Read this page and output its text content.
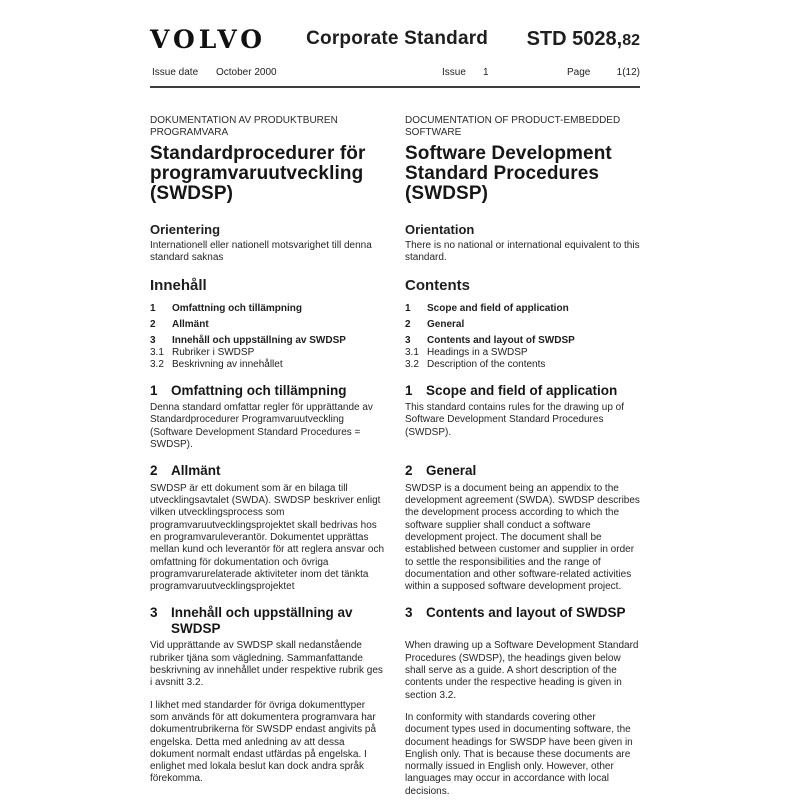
VOLVO Corporate Standard STD 5028,82
Issue date October 2000	Issue 1	Page	1(12)
DOKUMENTATION AV PRODUKTBUREN PROGRAMVARA
DOCUMENTATION OF PRODUCT-EMBEDDED SOFTWARE
Standardprocedurer för programvaruutveckling (SWDSP)
Software Development Standard Procedures (SWDSP)
Orientering	Orientation
Internationell eller nationell motsvarighet till denna standard saknas
There is no national or international equivalent to this standard.
Innehåll	Contents
1	Omfattning och tillämpning
2	Allmänt
3	Innehåll och uppställning av SWDSP
3.1 Rubriker i SWDSP
3.2 Beskrivning av innehållet
1	Scope and field of application
2	General
3	Contents and layout of SWDSP
3.1 Headings in a SWDSP
3.2 Description of the contents
1 Omfattning och tillämpning	1 Scope and field of application

Denna standard omfattar regler för upprättande av Standardprocedurer Programvaruutveckling (Software Development Standard Procedures = SWDSP).

This standard contains rules for the drawing up of Software Development Standard Procedures (SWDSP).

2 Allmänt	2 General

SWDSP är ett dokument som är en bilaga till utvecklingsavtalet (SWDA). SWDSP beskriver enligt vilken utvecklingsprocess som programvaruutvecklingsprojektet skall bedrivas hos en programvaruleverantör. Dokumentet upprättas mellan kund och leverantör för att reglera ansvar och omfattning för dokumentation och övriga programvarurelaterade aktiviteter inom det tänkta programvaruutvecklingsprojektet

SWDSP is a document being an appendix to the development agreement (SWDA). SWDSP describes the development process according to which the software supplier shall conduct a software development project. The document shall be established between customer and supplier in order to settle the responsibilities and the range of documentation and other software-related activities within a supposed software development project.

3 Innehåll och uppställning av SWDSP
3 Contents and layout of SWDSP

Vid upprättande av SWDSP skall nedanstående rubriker tjäna som vägledning. Sammanfattande beskrivning av innehållet under respektive rubrik ges i avsnitt 3.2.

I likhet med standarder för övriga dokumenttyper som används för att dokumentera programvara har dokumentrubrikerna för SWSDP endast angivits på engelska. Detta med anledning av att dessa dokument normalt endast utfärdas på engelska. I enlighet med lokala beslut kan dock andra språk förekomma.

When drawing up a Software Development Standard Procedures (SWDSP), the headings given below shall serve as a guide. A short description of the contents under the respective heading is given in section 3.2.

In conformity with standards covering other document types used in documenting software, the document headings for SWSDP have been given in English only. That is because these documents are normally issued in English only. However, other languages may occur in accordance with local decisions.
